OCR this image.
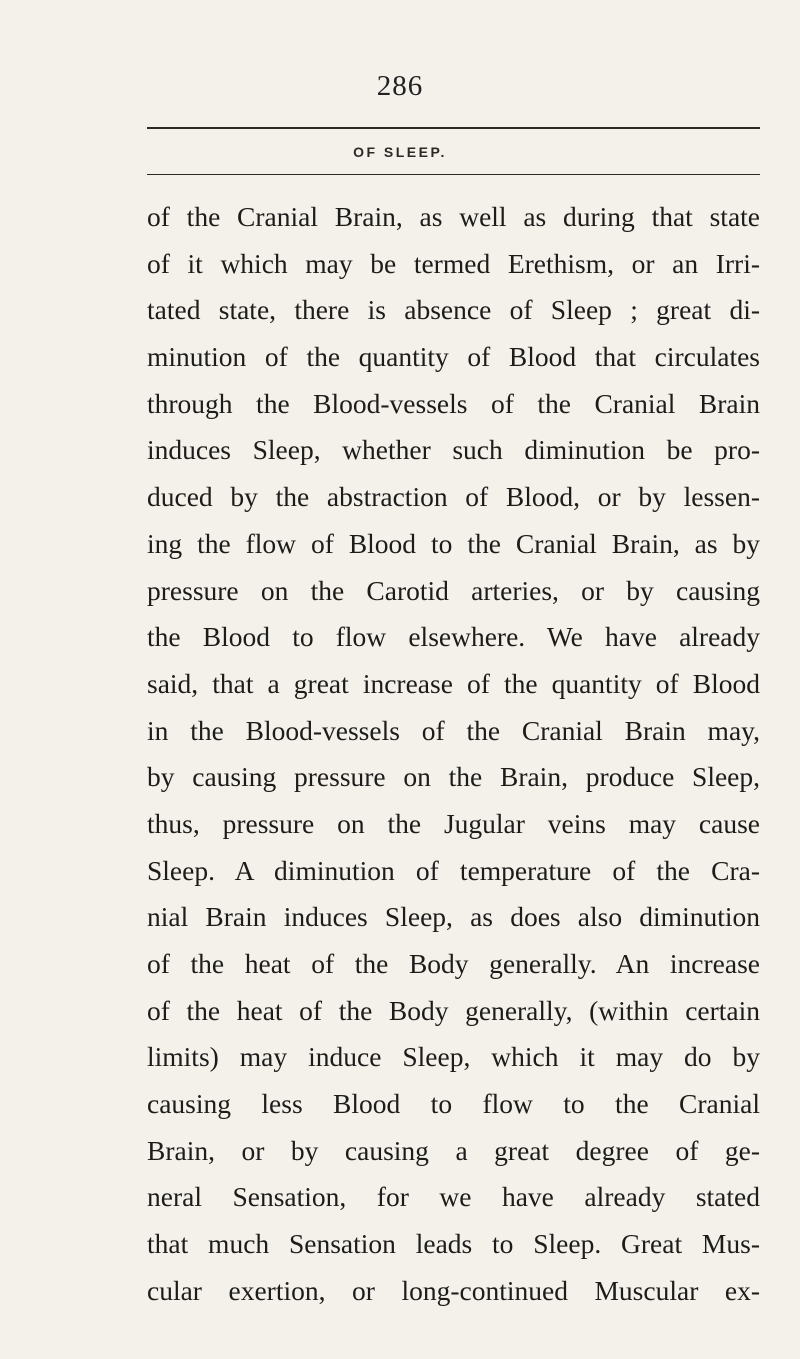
286
OF SLEEP.
of the Cranial Brain, as well as during that state
of it which may be termed Erethism, or an Irri-
tated state, there is absence of Sleep ; great di-
minution of the quantity of Blood that circulates
through the Blood-vessels of the Cranial Brain
induces Sleep, whether such diminution be pro-
duced by the abstraction of Blood, or by lessen-
ing the flow of Blood to the Cranial Brain, as by
pressure on the Carotid arteries, or by causing
the Blood to flow elsewhere. We have already
said, that a great increase of the quantity of Blood
in the Blood-vessels of the Cranial Brain may,
by causing pressure on the Brain, produce Sleep,
thus, pressure on the Jugular veins may cause
Sleep. A diminution of temperature of the Cra-
nial Brain induces Sleep, as does also diminution
of the heat of the Body generally. An increase
of the heat of the Body generally, (within certain
limits) may induce Sleep, which it may do by
causing less Blood to flow to the Cranial
Brain, or by causing a great degree of ge-
neral Sensation, for we have already stated
that much Sensation leads to Sleep. Great Mus-
cular exertion, or long-continued Muscular ex-
